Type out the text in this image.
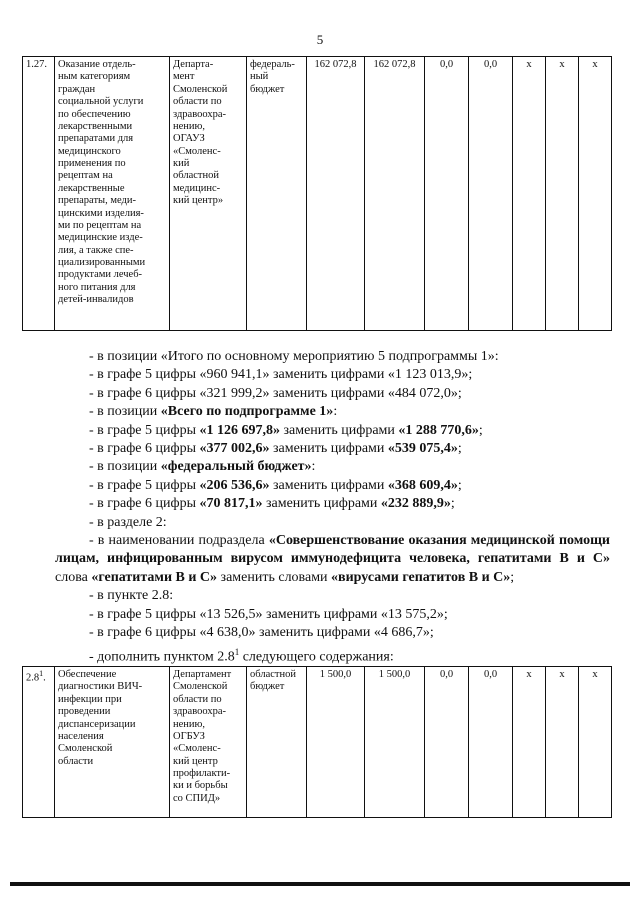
5
1.27.	Оказание отдель-
ным категориям
граждан
социальной услуги
по обеспечению
лекарственными
препаратами для
медицинского
применения по
рецептам на
лекарственные
препараты, меди-
цинскими изделия-
ми по рецептам на
медицинские изде-
лия, а также спе-
циализированными
продуктами лечеб-
ного питания для
детей-инвалидов	Департа-
мент
Смоленской
области по
здравоохра-
нению,
ОГАУЗ
«Смоленс-
кий
областной
медицинс-
кий центр»	федераль-
ный
бюджет	162 072,8	162 072,8	0,0	0,0	х	х	х
- в позиции «Итого по основному мероприятию 5 подпрограммы 1»:
- в графе 5 цифры «960 941,1» заменить цифрами «1 123 013,9»;
- в графе 6 цифры «321 999,2» заменить цифрами «484 072,0»;
- в позиции «Всего по подпрограмме 1»:
- в графе 5 цифры «1 126 697,8» заменить цифрами «1 288 770,6»;
- в графе 6 цифры «377 002,6» заменить цифрами «539 075,4»;
- в позиции «федеральный бюджет»:
- в графе 5 цифры «206 536,6» заменить цифрами «368 609,4»;
- в графе 6 цифры «70 817,1» заменить цифрами «232 889,9»;
- в разделе 2:
- в наименовании подраздела «Совершенствование оказания медицинской помощи лицам, инфицированным вирусом иммунодефицита человека, гепатитами В и С» слова «гепатитами В и С» заменить словами «вирусами гепатитов В и С»;
- в пункте 2.8:
- в графе 5 цифры «13 526,5» заменить цифрами «13 575,2»;
- в графе 6 цифры «4 638,0» заменить цифрами «4 686,7»;
- дополнить пунктом $2.8^1$ следующего содержания:
$2.8^1$.	Обеспечение
диагностики ВИЧ-
инфекции при
проведении
диспансеризации
населения
Смоленской
области	Департамент
Смоленской
области по
здравоохра-
нению,
ОГБУЗ
«Смоленс-
кий центр
профилакти-
ки и борьбы
со СПИД»	областной
бюджет	1 500,0	1 500,0	0,0	0,0	х	х	х
